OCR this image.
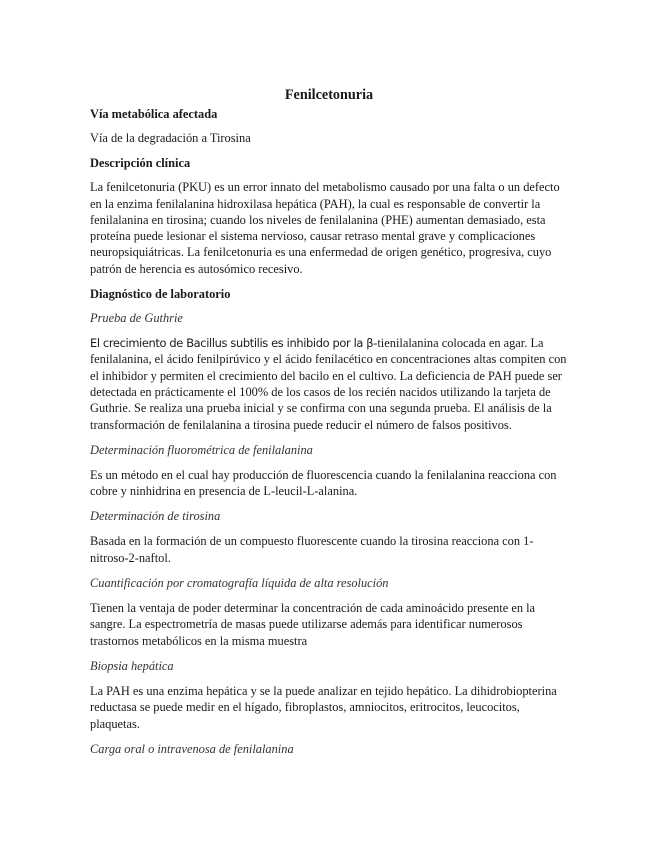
Fenilcetonuria
Vía metabólica afectada

Vía de la degradación a Tirosina

Descripción clínica

La fenilcetonuria (PKU) es un error innato del metabolismo causado por una falta o un defecto en la enzima fenilalanina hidroxilasa hepática (PAH), la cual es responsable de convertir la fenilalanina en tirosina; cuando los niveles de fenilalanina (PHE) aumentan demasiado, esta proteína puede lesionar el sistema nervioso, causar retraso mental grave y complicaciones neuropsiquiátricas. La fenilcetonuria es una enfermedad de origen genético, progresiva, cuyo patrón de herencia es autosómico recesivo.

Diagnóstico de laboratorio
Prueba de Guthrie

El crecimiento de Bacillus subtilis es inhibido por la β-tienilalanina colocada en agar. La fenilalanina, el ácido fenilpirúvico y el ácido fenilacético en concentraciones altas compiten con el inhibidor y permiten el crecimiento del bacilo en el cultivo. La deficiencia de PAH puede ser detectada en prácticamente el 100% de los casos de los recién nacidos utilizando la tarjeta de Guthrie. Se realiza una prueba inicial y se confirma con una segunda prueba. El análisis de la transformación de fenilalanina a tirosina puede reducir el número de falsos positivos.

Determinación fluorométrica de fenilalanina

Es un método en el cual hay producción de fluorescencia cuando la fenilalanina reacciona con cobre y ninhidrina en presencia de L-leucil-L-alanina.

Determinación de tirosina

Basada en la formación de un compuesto fluorescente cuando la tirosina reacciona con 1-nitroso-2-naftol.

Cuantificación por cromatografía líquida de alta resolución

Tienen la ventaja de poder determinar la concentración de cada aminoácido presente en la sangre. La espectrometría de masas puede utilizarse además para identificar numerosos trastornos metabólicos en la misma muestra

Biopsia hepática

La PAH es una enzima hepática y se la puede analizar en tejido hepático. La dihidrobiopterina reductasa se puede medir en el hígado, fibroplastos, amniocitos, eritrocitos, leucocitos, plaquetas.

Carga oral o intravenosa de fenilalanina
